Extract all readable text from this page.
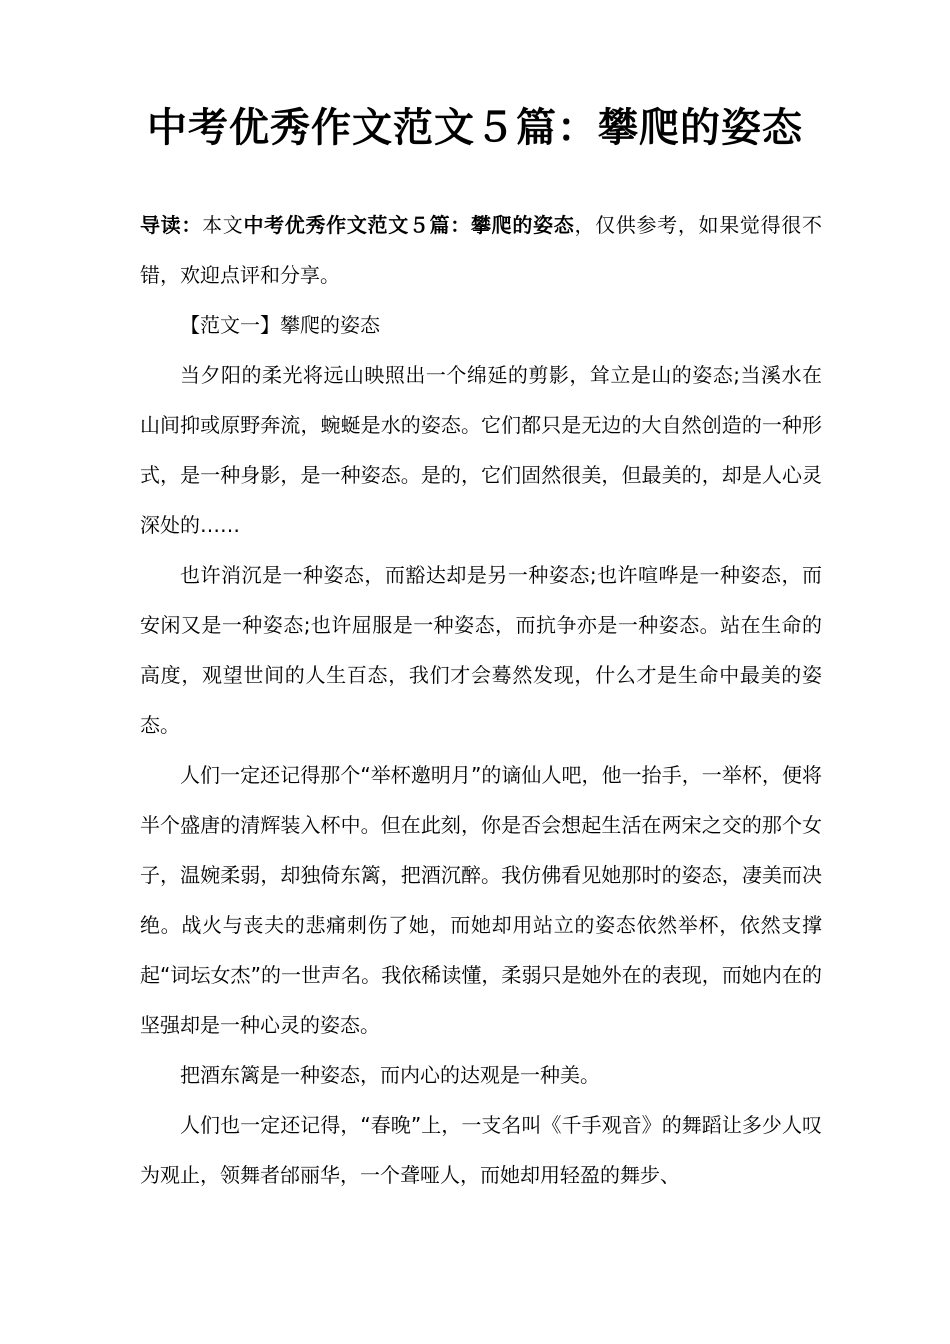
中考优秀作文范文５篇：攀爬的姿态

导读：本文中考优秀作文范文５篇：攀爬的姿态，仅供参考，如果觉得很不错，欢迎点评和分享。

【范文一】攀爬的姿态

当夕阳的柔光将远山映照出一个绵延的剪影，耸立是山的姿态;当溪水在山间抑或原野奔流，蜿蜒是水的姿态。它们都只是无边的大自然创造的一种形式，是一种身影，是一种姿态。是的，它们固然很美，但最美的，却是人心灵深处的……

也许消沉是一种姿态，而豁达却是另一种姿态;也许喧哗是一种姿态，而安闲又是一种姿态;也许屈服是一种姿态，而抗争亦是一种姿态。站在生命的高度，观望世间的人生百态，我们才会蓦然发现，什么才是生命中最美的姿态。

人们一定还记得那个“举杯邀明月”的谪仙人吧，他一抬手，一举杯，便将半个盛唐的清辉装入杯中。但在此刻，你是否会想起生活在两宋之交的那个女子，温婉柔弱，却独倚东篱，把酒沉醉。我仿佛看见她那时的姿态，凄美而决绝。战火与丧夫的悲痛刺伤了她，而她却用站立的姿态依然举杯，依然支撑起“词坛女杰”的一世声名。我依稀读懂，柔弱只是她外在的表现，而她内在的坚强却是一种心灵的姿态。

把酒东篱是一种姿态，而内心的达观是一种美。

人们也一定还记得，“春晚”上，一支名叫《千手观音》的舞蹈让多少人叹为观止，领舞者邰丽华，一个聋哑人，而她却用轻盈的舞步、
